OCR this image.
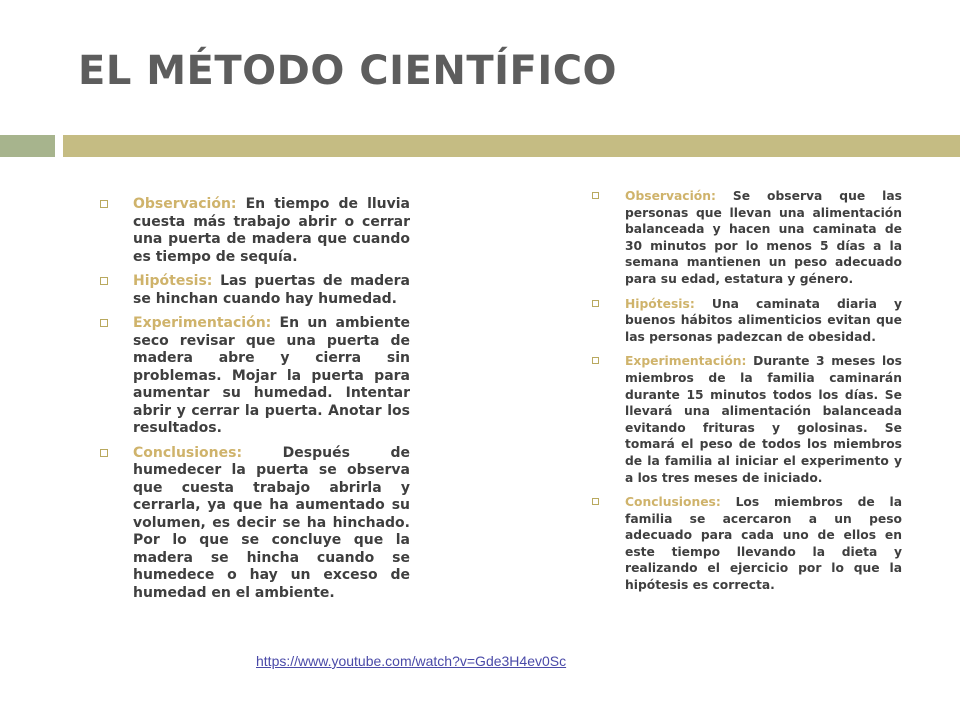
EL MÉTODO CIENTÍFICO
Observación: En tiempo de lluvia cuesta más trabajo abrir o cerrar una puerta de madera que cuando es tiempo de sequía.
Hipótesis: Las puertas de madera se hinchan cuando hay humedad.
Experimentación: En un ambiente seco revisar que una puerta de madera abre y cierra sin problemas. Mojar la puerta para aumentar su humedad. Intentar abrir y cerrar la puerta. Anotar los resultados.
Conclusiones:	Después de humedecer la puerta se observa que cuesta trabajo abrirla y cerrarla, ya que ha aumentado su volumen, es decir se ha hinchado. Por lo que se concluye que la madera se hincha cuando se humedece o hay un exceso de humedad en el ambiente.
Observación: Se observa que las personas que llevan una alimentación balanceada y hacen una caminata de 30 minutos por lo menos 5 días a la semana mantienen un peso adecuado para su edad, estatura y género.
Hipótesis: Una caminata diaria y buenos hábitos alimenticios evitan que las personas padezcan de obesidad.
Experimentación: Durante 3 meses los miembros de la familia caminarán durante 15 minutos todos los días. Se llevará una alimentación balanceada evitando frituras y golosinas. Se tomará el peso de todos los miembros de la familia al iniciar el experimento y a los tres meses de iniciado.
Conclusiones: Los miembros de la familia se acercaron a un peso adecuado para cada uno de ellos en este tiempo llevando la dieta y realizando el ejercicio por lo que la hipótesis es correcta.
https://www.youtube.com/watch?v=Gde3H4ev0Sc
